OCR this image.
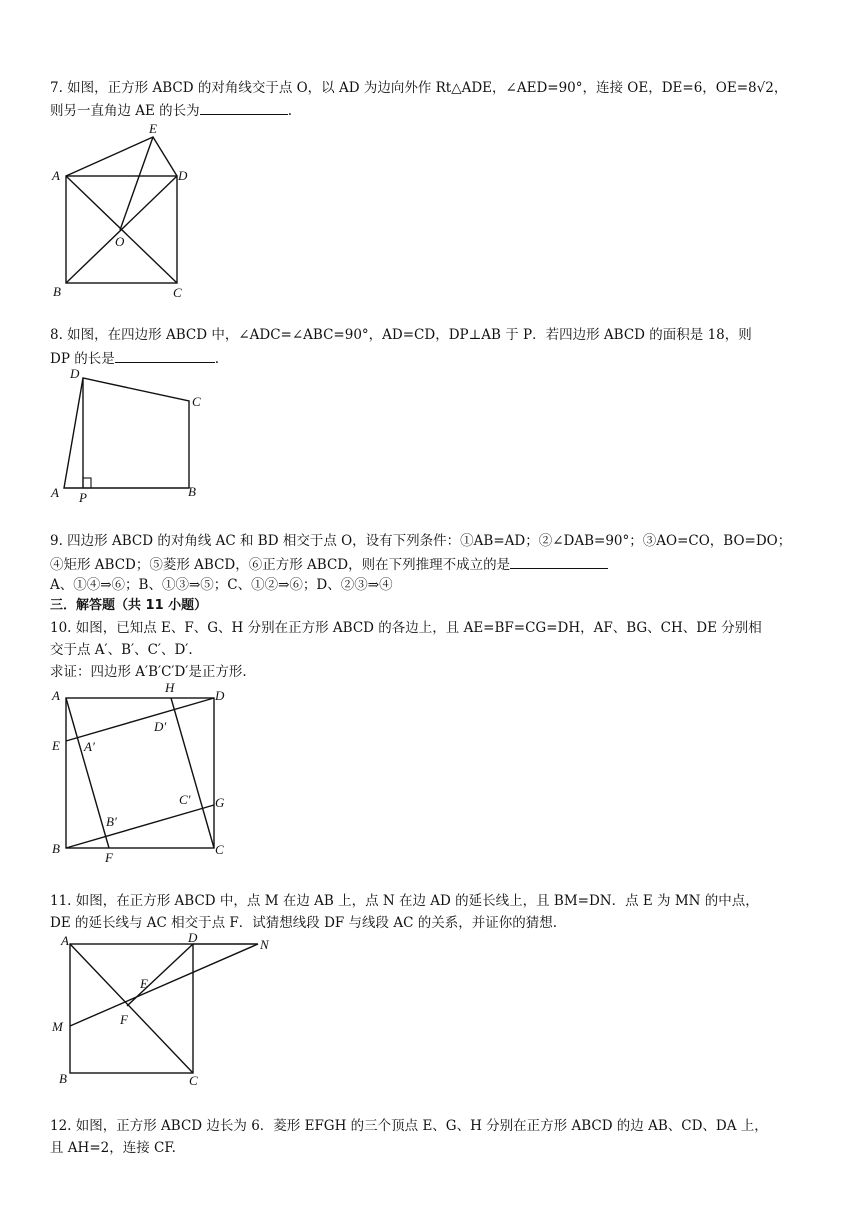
7. 如图，正方形 ABCD 的对角线交于点 O，以 AD 为边向外作 Rt△ADE，∠AED=90°，连接 OE，DE=6，OE=8√2，
则另一直角边 AE 的长为	.
A
B	C
D
E
O
8. 如图，在四边形 ABCD 中，∠ADC=∠ABC=90°，AD=CD，DP⊥AB 于 P．若四边形 ABCD 的面积是 18，则
DP 的长是	.
A P	B
C
D
9. 四边形 ABCD 的对角线 AC 和 BD 相交于点 O，设有下列条件：①AB=AD；②∠DAB=90°；③AO=CO，BO=DO；
④矩形 ABCD；⑤菱形 ABCD，⑥正方形 ABCD，则在下列推理不成立的是
A、①④⇒⑥；B、①③⇒⑤；C、①②⇒⑥；D、②③⇒④
三．解答题（共 11 小题）
10. 如图，已知点 E、F、G、H 分别在正方形 ABCD 的各边上，且 AE=BF=CG=DH，AF、BG、CH、DE 分别相
交于点 A′、B′、C′、D′.
求证：四边形 A′B′C′D′是正方形.
A
B	C
D
E
F
G
H
A′
B′
C′
D′
11. 如图，在正方形 ABCD 中，点 M 在边 AB 上，点 N 在边 AD 的延长线上，且 BM=DN．点 E 为 MN 的中点，
DE 的延长线与 AC 相交于点 F．试猜想线段 DF 与线段 AC 的关系，并证你的猜想.
A
B	C
D	N
M
E
F
12. 如图，正方形 ABCD 边长为 6．菱形 EFGH 的三个顶点 E、G、H 分别在正方形 ABCD 的边 AB、CD、DA 上，
且 AH=2，连接 CF.
